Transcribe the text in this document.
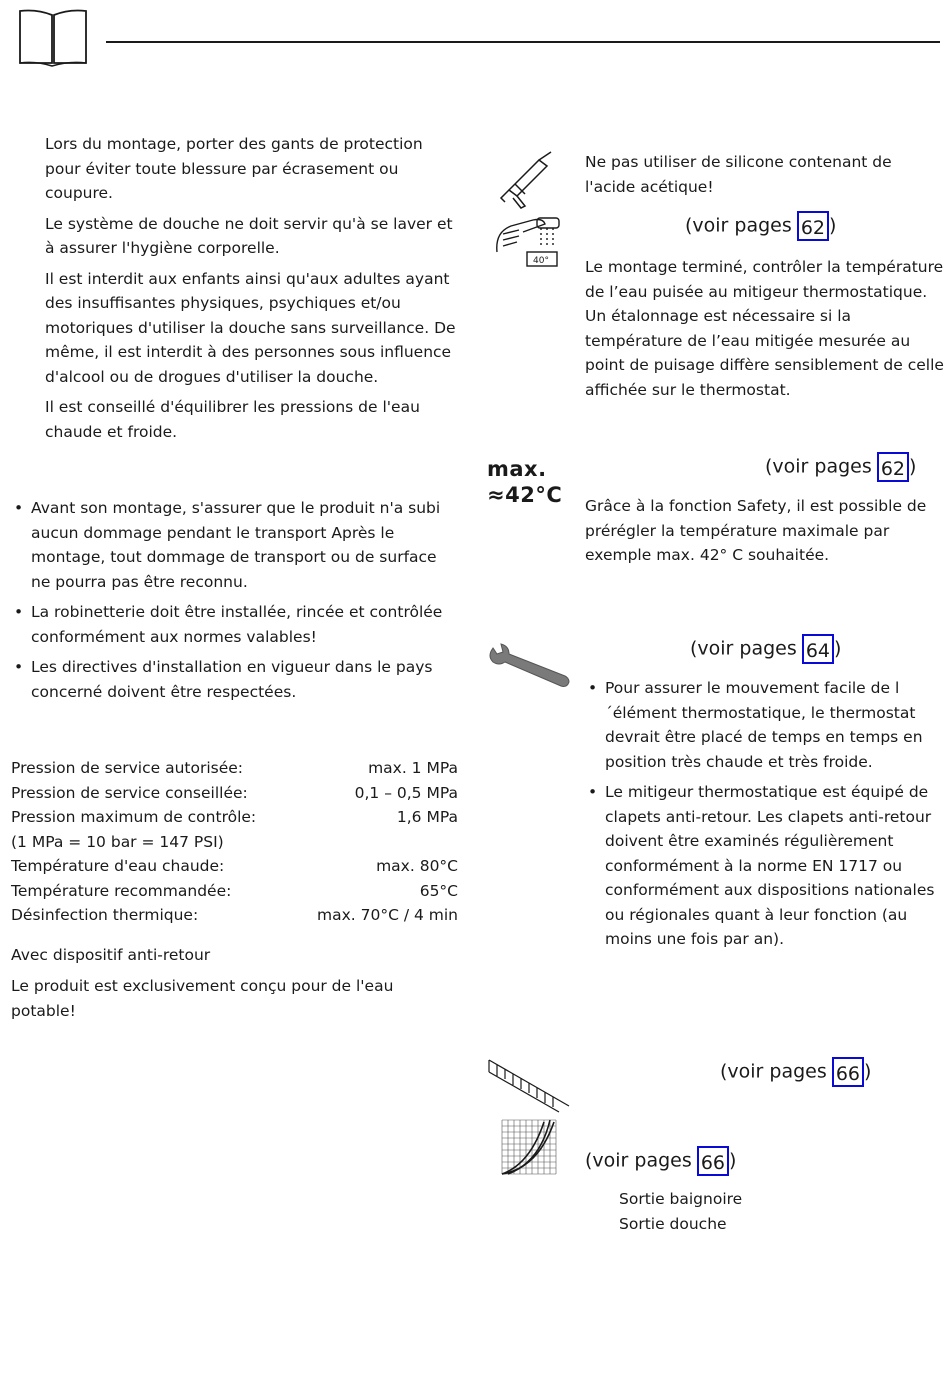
Lors du montage, porter des gants de protection pour éviter toute blessure par écrasement ou coupure.

Le système de douche ne doit servir qu'à se laver et à assurer l'hygiène corporelle.

Il est interdit aux enfants ainsi qu'aux adultes ayant des insuffisantes physiques, psychiques et/ou motoriques d'utiliser la douche sans surveillance. De même, il est interdit à des personnes sous influence d'alcool ou de drogues d'utiliser la douche.

Il est conseillé d'équilibrer les pressions de l'eau chaude et froide.

• Avant son montage, s'assurer que le produit n'a subi aucun dommage pendant le transport Après le montage, tout dommage de transport ou de surface ne pourra pas être reconnu.
• La robinetterie doit être installée, rincée et contrôlée conformément aux normes valables!
• Les directives d'installation en vigueur dans le pays concerné doivent être respectées.
Pression de service autorisée:	max. 1 MPa
Pression de service conseillée:	0,1 – 0,5 MPa
Pression maximum de contrôle:	1,6 MPa
(1 MPa = 10 bar = 147 PSI)
Température d'eau chaude:	max. 80°C
Température recommandée:	65°C
Désinfection thermique:	max. 70°C / 4 min

Avec dispositif anti-retour

Le produit est exclusivement conçu pour de l'eau potable!

Ne pas utiliser de silicone contenant de l'acide acétique!

40°
(voir pages 62 )

Le montage terminé, contrôler la température de l’eau puisée au mitigeur thermostatique. Un étalonnage est nécessaire si la température de l’eau mitigée mesurée au point de puisage diffère sensiblement de celle affichée sur le thermostat.

max.
≈42°C
(voir pages 62 )

Grâce à la fonction Safety, il est possible de prérégler la température maximale par exemple max. 42° C souhaitée.

(voir pages 64 )
• Pour assurer le mouvement facile de l´élément thermostatique, le thermostat devrait être placé de temps en temps en position très chaude et très froide.
• Le mitigeur thermostatique est équipé de clapets anti-retour. Les clapets anti-retour doivent être examinés régulièrement conformément à la norme EN 1717 ou conformément aux dispositions nationales ou régionales quant à leur fonction (au moins une fois par an).
(voir pages 66 )
(voir pages 66 )
Sortie baignoire
Sortie douche
